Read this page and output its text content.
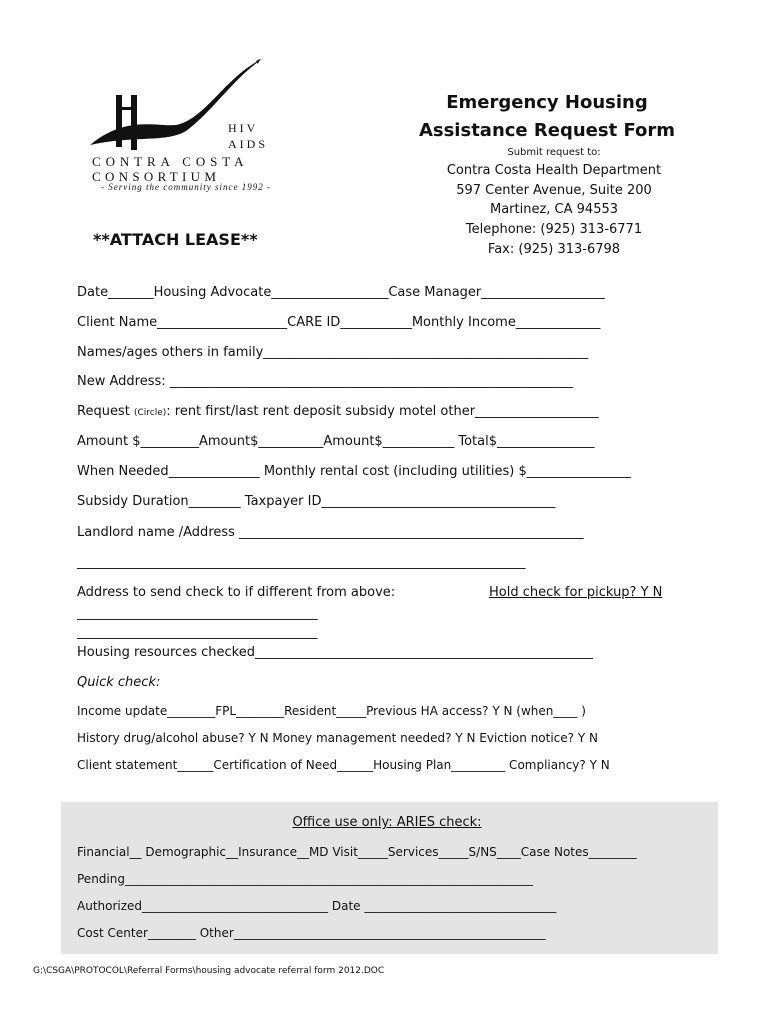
HIV
AIDS
CONTRA COSTA
CONSORTIUM
- Serving the community since 1992 -
**ATTACH LEASE**
Emergency Housing
Assistance Request Form
Submit request to:
Contra Costa Health Department
597 Center Avenue, Suite 200
Martinez, CA 94553
Telephone: (925) 313-6771
Fax: (925) 313-6798
Date_______Housing Advocate__________________Case Manager___________________
Client Name____________________CARE ID___________Monthly Income_____________
Names/ages others in family__________________________________________________
New Address: ______________________________________________________________
Request (Circle): rent first/last rent deposit subsidy motel other___________________
Amount $_________Amount$__________Amount$___________ Total$_______________
When Needed______________ Monthly rental cost (including utilities) $________________
Subsidy Duration________ Taxpayer ID____________________________________
Landlord name /Address _____________________________________________________
_____________________________________________________________________
Address to send check to if different from above:	Hold check for pickup? Y N
_____________________________________
_____________________________________
Housing resources checked____________________________________________________
Quick check:
Income update________FPL________Resident_____Previous HA access? Y N (when____ )
History drug/alcohol abuse? Y N Money management needed? Y N Eviction notice? Y N
Client statement______Certification of Need______Housing Plan_________ Compliancy? Y N
Office use only: ARIES check:
Financial__ Demographic__Insurance__MD Visit_____Services_____S/NS____Case Notes________
Pending____________________________________________________________________
Authorized_______________________________ Date ________________________________
Cost Center________ Other____________________________________________________
G:\CSGA\PROTOCOL\Referral Forms\housing advocate referral form 2012.DOC
